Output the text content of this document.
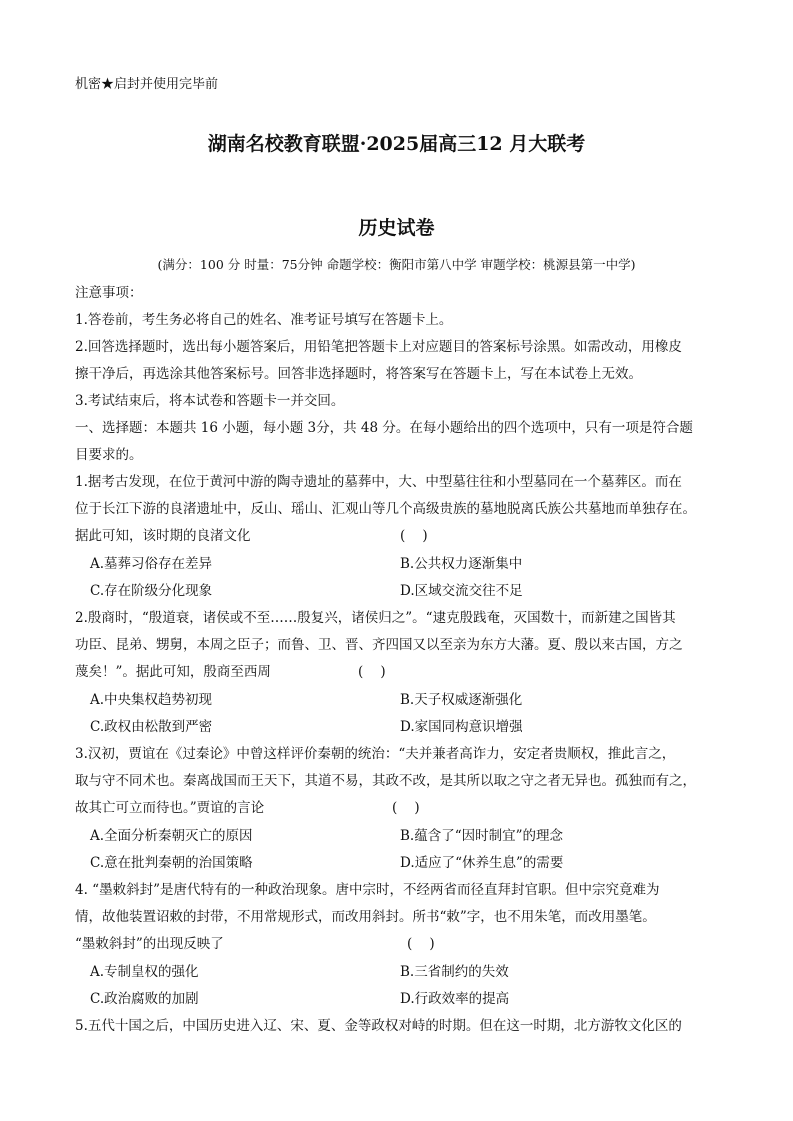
机密★启封并使用完毕前
湖南名校教育联盟·2025届高三12 月大联考
历史试卷
(满分：100 分 时量：75分钟 命题学校：衡阳市第八中学 审题学校：桃源县第一中学)
注意事项：
1.答卷前，考生务必将自己的姓名、准考证号填写在答题卡上。
2.回答选择题时，选出每小题答案后，用铅笔把答题卡上对应题目的答案标号涂黑。如需改动，用橡皮
擦干净后，再选涂其他答案标号。回答非选择题时，将答案写在答题卡上，写在本试卷上无效。
3.考试结束后，将本试卷和答题卡一并交回。
一、选择题：本题共 16 小题，每小题 3分，共 48 分。在每小题给出的四个选项中，只有一项是符合题
目要求的。
1.据考古发现，在位于黄河中游的陶寺遗址的墓葬中，大、中型墓往往和小型墓同在一个墓葬区。而在
位于长江下游的良渚遗址中，反山、瑶山、汇观山等几个高级贵族的墓地脱离氏族公共墓地而单独存在。
据此可知，该时期的良渚文化	(    )
A.墓葬习俗存在差异	B.公共权力逐渐集中
C.存在阶级分化现象	D.区域交流交往不足
2.殷商时，“殷道衰，诸侯或不至……殷复兴，诸侯归之”。“逮克殷践奄，灭国数十，而新建之国皆其
功臣、昆弟、甥舅，本周之臣子；而鲁、卫、晋、齐四国又以至亲为东方大藩。夏、殷以来古国，方之
蔑矣！”。据此可知，殷商至西周	(    )
A.中央集权趋势初现	B.天子权威逐渐强化
C.政权由松散到严密	D.家国同构意识增强
3.汉初，贾谊在《过秦论》中曾这样评价秦朝的统治：“夫并兼者高诈力，安定者贵顺权，推此言之，
取与守不同术也。秦离战国而王天下，其道不易，其政不改，是其所以取之守之者无异也。孤独而有之，
故其亡可立而待也。”贾谊的言论	(    )
A.全面分析秦朝灭亡的原因	B.蕴含了“因时制宜”的理念
C.意在批判秦朝的治国策略	D.适应了“休养生息”的需要
4. “墨敕斜封”是唐代特有的一种政治现象。唐中宗时，不经两省而径直拜封官职。但中宗究竟难为
情，故他装置诏敕的封带，不用常规形式，而改用斜封。所书“敕”字，也不用朱笔，而改用墨笔。
“墨敕斜封”的出现反映了	(    )
A.专制皇权的强化	B.三省制约的失效
C.政治腐败的加剧	D.行政效率的提高
5.五代十国之后，中国历史进入辽、宋、夏、金等政权对峙的时期。但在这一时期，北方游牧文化区的
